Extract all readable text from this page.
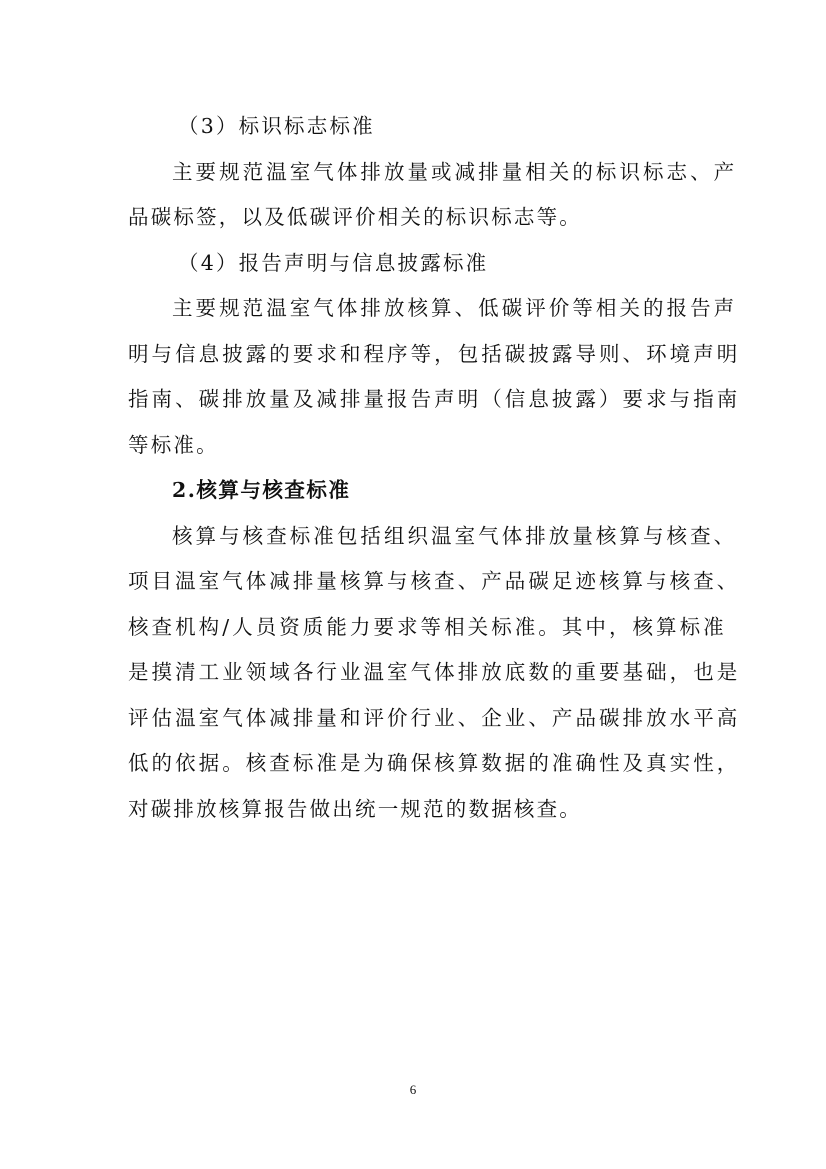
（3）标识标志标准

主要规范温室气体排放量或减排量相关的标识标志、产

品碳标签，以及低碳评价相关的标识标志等。

（4）报告声明与信息披露标准

主要规范温室气体排放核算、低碳评价等相关的报告声

明与信息披露的要求和程序等，包括碳披露导则、环境声明

指南、碳排放量及减排量报告声明（信息披露）要求与指南

等标准。

2.核算与核查标准

核算与核查标准包括组织温室气体排放量核算与核查、

项目温室气体减排量核算与核查、产品碳足迹核算与核查、

核查机构/人员资质能力要求等相关标准。其中，核算标准

是摸清工业领域各行业温室气体排放底数的重要基础，也是

评估温室气体减排量和评价行业、企业、产品碳排放水平高

低的依据。核查标准是为确保核算数据的准确性及真实性，

对碳排放核算报告做出统一规范的数据核查。

6
